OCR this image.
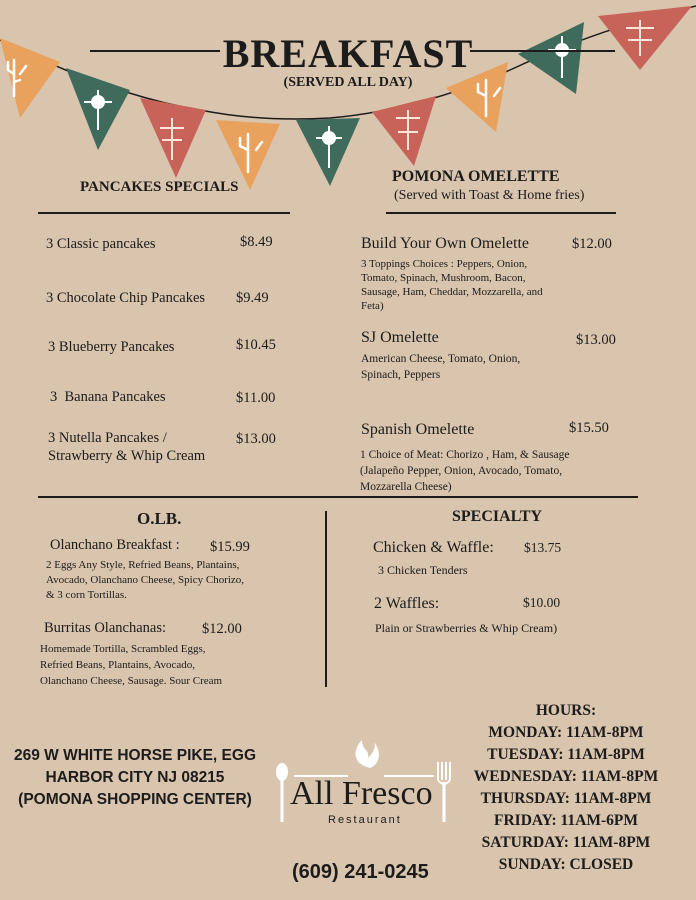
BREAKFAST
(SERVED ALL DAY)
PANCAKES SPECIALS
3 Classic pancakes	$8.49
3 Chocolate Chip Pancakes $9.49
3 Blueberry Pancakes	$10.45
3  Banana Pancakes	$11.00
3 Nutella Pancakes /
Strawberry & Whip Cream
$13.00
POMONA OMELETTE
(Served with Toast & Home fries)
Build Your Own Omelette	$12.00
3 Toppings Choices : Peppers, Onion,
Tomato, Spinach, Mushroom, Bacon,
Sausage, Ham, Cheddar, Mozzarella, and
Feta)
SJ Omelette	$13.00
American Cheese, Tomato, Onion,
Spinach, Peppers
Spanish Omelette	$15.50
1 Choice of Meat: Chorizo , Ham, & Sausage
(Jalapeño Pepper, Onion, Avocado, Tomato,
Mozzarella Cheese)
O.LB.
Olanchano Breakfast : $15.99
2 Eggs Any Style, Refried Beans, Plantains,
Avocado, Olanchano Cheese, Spicy Chorizo,
& 3 corn Tortillas.
Burritas Olanchanas: $12.00
Homemade Tortilla, Scrambled Eggs,
Refried Beans, Plantains, Avocado,
Olanchano Cheese, Sausage. Sour Cream
SPECIALTY
Chicken & Waffle: $13.75
3 Chicken Tenders
2 Waffles:	$10.00
Plain or Strawberries & Whip Cream)
269 W WHITE HORSE PIKE, EGG
HARBOR CITY NJ 08215
(POMONA SHOPPING CENTER)	All Fresco
Restaurant
(609) 241-0245
HOURS:
MONDAY: 11AM-8PM
TUESDAY: 11AM-8PM
WEDNESDAY: 11AM-8PM
THURSDAY: 11AM-8PM
FRIDAY: 11AM-6PM
SATURDAY: 11AM-8PM
SUNDAY: CLOSED
